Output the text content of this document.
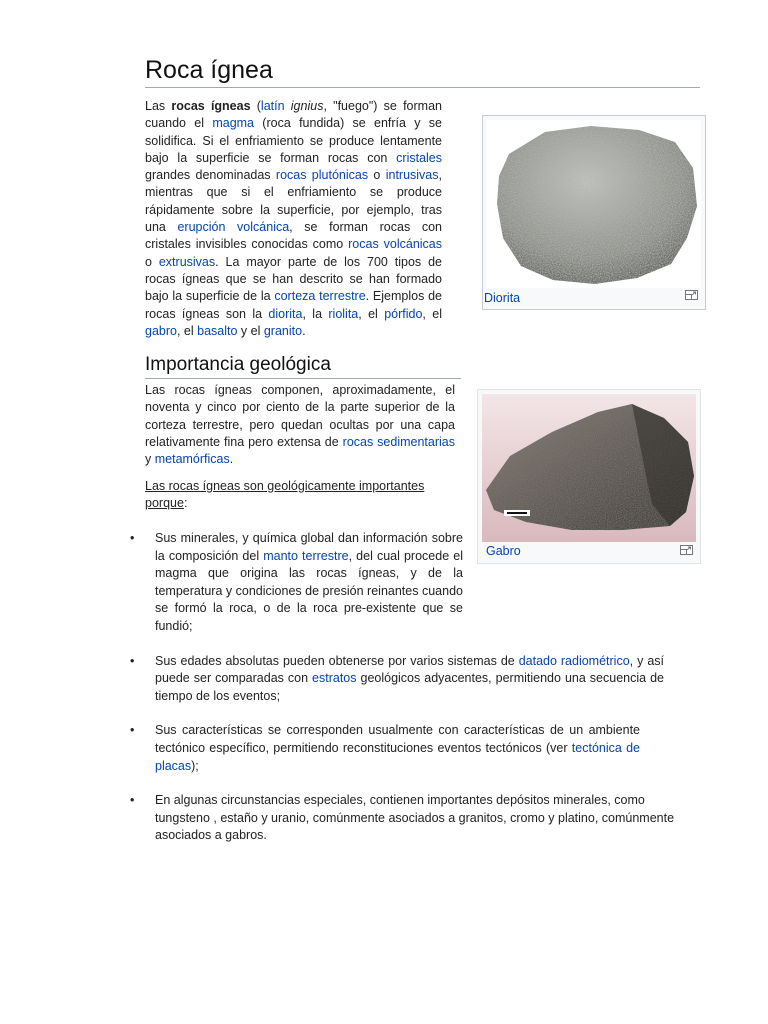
Roca ígnea

Las rocas ígneas (latín ignius, "fuego") se forman cuando el magma (roca fundida) se enfría y se solidifica. Si el enfriamiento se produce lentamente bajo la superficie se forman rocas con cristales grandes denominadas rocas plutónicas o intrusivas, mientras que si el enfriamiento se produce rápidamente sobre la superficie, por ejemplo, tras una erupción volcánica, se forman rocas con cristales invisibles conocidas como rocas volcánicas o extrusivas. La mayor parte de los 700 tipos de rocas ígneas que se han descrito se han formado bajo la superficie de la corteza terrestre. Ejemplos de rocas ígneas son la diorita, la riolita, el pórfido, el gabro, el basalto y el granito.

Diorita
Importancia geológica

Las rocas ígneas componen, aproximadamente, el noventa y cinco por ciento de la parte superior de la corteza terrestre, pero quedan ocultas por una capa relativamente fina pero extensa de rocas sedimentarias y metamórficas.

Las rocas ígneas son geológicamente importantes porque:

Gabro
• Sus minerales, y química global dan información sobre la composición del manto terrestre, del cual procede el magma que origina las rocas ígneas, y de la temperatura y condiciones de presión reinantes cuando se formó la roca, o de la roca pre-existente que se fundió;
• Sus edades absolutas pueden obtenerse por varios sistemas de datado radiométrico, y así puede ser comparadas con estratos geológicos adyacentes, permitiendo una secuencia de tiempo de los eventos;
• Sus características se corresponden usualmente con características de un ambiente tectónico específico, permitiendo reconstituciones eventos tectónicos (ver tectónica de placas);
• En algunas circunstancias especiales, contienen importantes depósitos minerales, como tungsteno , estaño y uranio, comúnmente asociados a granitos, cromo y platino, comúnmente asociados a gabros.
